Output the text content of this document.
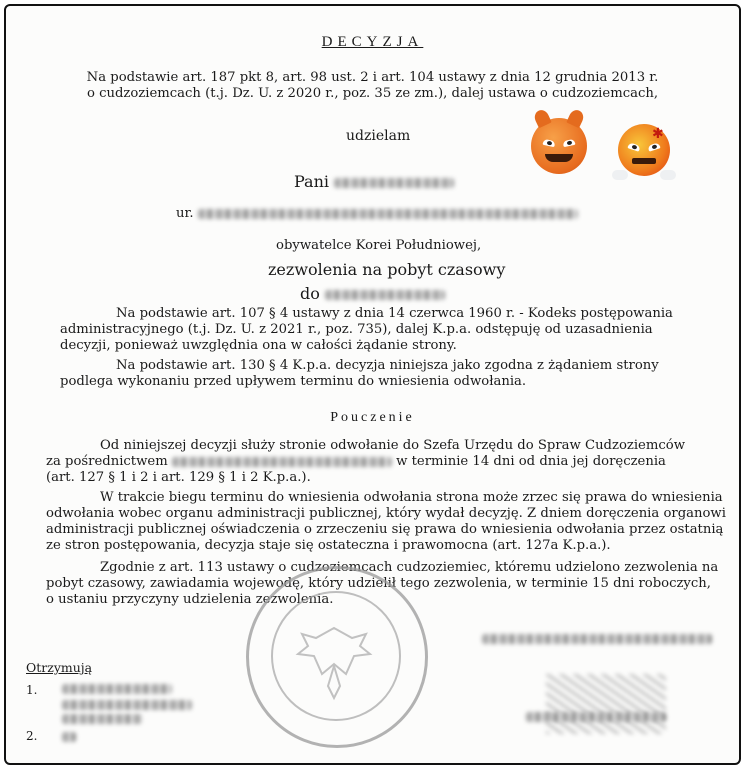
DECYZJA
Na podstawie art. 187 pkt 8, art. 98 ust. 2 i art. 104 ustawy z dnia 12 grudnia 2013 r.
o cudzoziemcach (t.j. Dz. U. z 2020 r., poz. 35 ze zm.), dalej ustawa o cudzoziemcach,
udzielam	✱
Pani
ur.
obywatelce Korei Południowej,
zezwolenia na pobyt czasowy
do
Na podstawie art. 107 § 4 ustawy z dnia 14 czerwca 1960 r. - Kodeks postępowania
administracyjnego (t.j. Dz. U. z 2021 r., poz. 735), dalej K.p.a. odstępuję od uzasadnienia
decyzji, ponieważ uwzględnia ona w całości żądanie strony.
Na podstawie art. 130 § 4 K.p.a. decyzja niniejsza jako zgodna z żądaniem strony
podlega wykonaniu przed upływem terminu do wniesienia odwołania.
Pouczenie
Od niniejszej decyzji służy stronie odwołanie do Szefa Urzędu do Spraw Cudzoziemców
za pośrednictwem	w terminie 14 dni od dnia jej doręczenia
(art. 127 § 1 i 2 i art. 129 § 1 i 2 K.p.a.).
W trakcie biegu terminu do wniesienia odwołania strona może zrzec się prawa do wniesienia
odwołania wobec organu administracji publicznej, który wydał decyzję. Z dniem doręczenia organowi
administracji publicznej oświadczenia o zrzeczeniu się prawa do wniesienia odwołania przez ostatnią
ze stron postępowania, decyzja staje się ostateczna i prawomocna (art. 127a K.p.a.).
Zgodnie z art. 113 ustawy o cudzoziemcach cudzoziemiec, któremu udzielono zezwolenia na
pobyt czasowy, zawiadamia wojewodę, który udzielił tego zezwolenia, w terminie 15 dni roboczych,
o ustaniu przyczyny udzielenia zezwolenia.
Otrzymują
1.
2.
